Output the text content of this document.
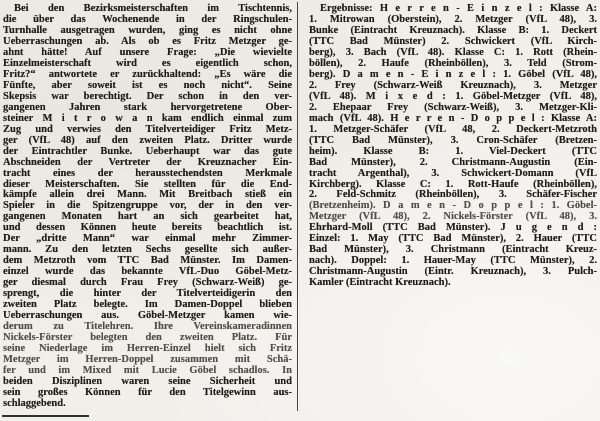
Bei den Bezirksmeisterschaften im Tischtennis,
die über das Wochenende in der Ringschulen-
Turnhalle ausgetragen wurden, ging es nicht ohne
Ueberraschungen ab. Als ob es Fritz Metzger ge-
ahnt hätte! Auf unsere Frage: „Die wievielte
Einzelmeisterschaft wird es eigentlich schon,
Fritz?“ antwortete er zurückhaltend: „Es wäre die
Fünfte, aber soweit ist es noch nicht“. Seine
Skepsis war berechtigt. Der schon in den ver-
gangenen Jahren stark hervorgetretene Ober-
steiner M i t r o w a n kam endlich einmal zum
Zug und verwies den Titelverteidiger Fritz Metz-
ger (VfL 48) auf den zweiten Platz. Dritter wurde
der Eintrachtler Bunke. Ueberhaupt war das gute
Abschneiden der Vertreter der Kreuznacher Ein-
tracht eines der herausstechendsten Merkmale
dieser Meisterschaften. Sie stellten für die End-
kämpfe allein drei Mann. Mit Breitbach stieß ein
Spieler in die Spitzengruppe vor, der in den ver-
gangenen Monaten hart an sich gearbeitet hat,
und dessen Können heute bereits beachtlich ist.
Der „dritte Mann“ war einmal mehr Zimmer-
mann. Zu den letzten Sechs gesellte sich außer-
dem Metzroth vom TTC Bad Münster. Im Damen-
einzel wurde das bekannte VfL-Duo Göbel-Metz-
ger diesmal durch Frau Frey (Schwarz-Weiß) ge-
sprengt, die hinter der Titelverteidigerin den
zweiten Platz belegte. Im Damen-Doppel blieben
Ueberraschungen aus. Göbel-Metzger kamen wie-
derum zu Titelehren. Ihre Vereinskameradinnen
Nickels-Förster belegten den zweiten Platz. Für
seine Niederlage im Herren-Einzel hielt sich Fritz
Metzger im Herren-Doppel zusammen mit Schä-
fer und im Mixed mit Lucie Göbel schadlos. In
beiden Disziplinen waren seine Sicherheit und
sein großes Können für den Titelgewinn aus-
schlaggebend.
Ergebnisse: H e r r e n - E i n z e l : Klasse A:
1. Mitrowan (Oberstein), 2. Metzger (VfL 48), 3.
Bunke (Eintracht Kreuznach). Klasse B: 1. Deckert
(TTC Bad Münster) 2. Schwickert (VfL Kirch-
berg), 3. Bach (VfL 48). Klasse C: 1. Rott (Rhein-
böllen), 2. Haufe (Rheinböllen), 3. Teld (Strom-
berg). D a m e n - E i n z e l : 1. Göbel (VfL 48),
2. Frey (Schwarz-Weiß Kreuznach), 3. Metzger
(VfL 48). M i x e d : 1. Göbel-Metzger (VfL 48),
2. Ehepaar Frey (Schwarz-Weiß), 3. Metzger-Kli-
mach (VfL 48). H e r r e n - D o p p e l : Klasse A:
1. Metzger-Schäfer (VfL 48, 2. Deckert-Metzroth
(TTC Bad Münster), 3. Cron-Schäfer (Bretzen-
heim). Klasse B: 1. Viel-Deckert (TTC
Bad Münster), 2. Christmann-Augustin (Ein-
tracht Argenthal), 3. Schwickert-Domann (VfL
Kirchberg). Klasse C: 1. Rott-Haufe (Rheinböllen),
2. Feld-Schmitz (Rheinböllen), 3. Schäfer-Fischer
(Bretzenheim). D a m e n - D o p p e l : 1. Göbel-
Metzger (VfL 48), 2. Nickels-Förster (VfL 48), 3.
Ehrhard-Moll (TTC Bad Münster). J u g e n d :
Einzel: 1. May (TTC Bad Münster), 2. Hauer (TTC
Bad Münster), 3. Christmann (Eintracht Kreuz-
nach). Doppel: 1. Hauer-May (TTC Münster), 2.
Christmann-Augustin (Eintr. Kreuznach), 3. Pulch-
Kamler (Eintracht Kreuznach).
